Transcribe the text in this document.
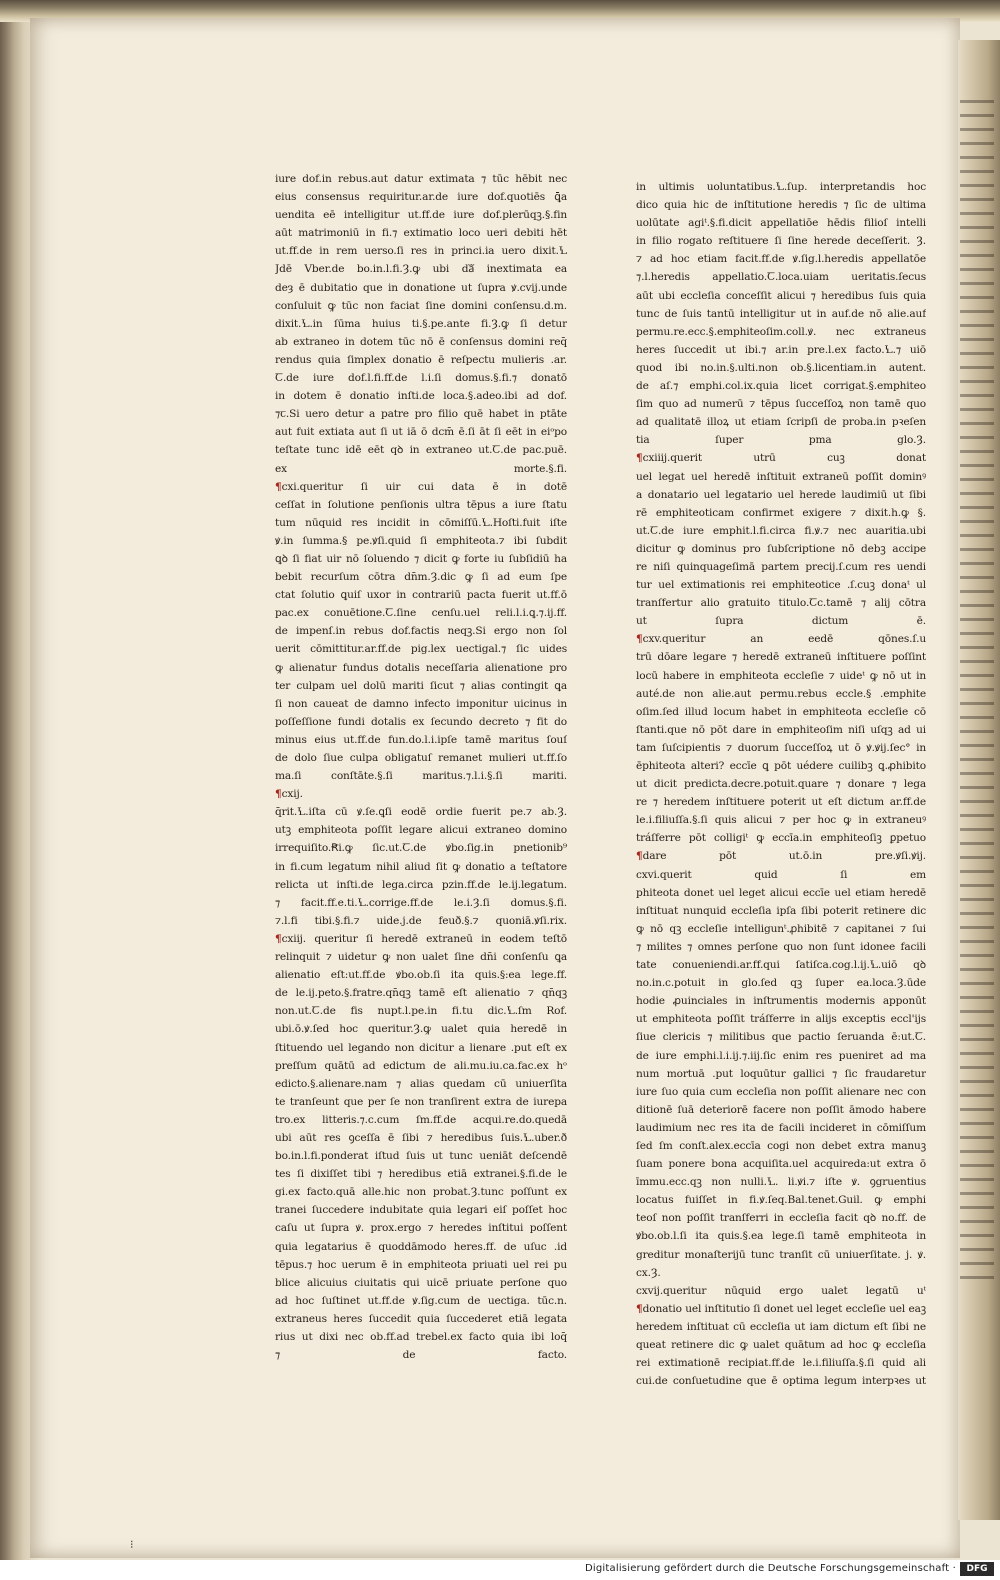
iure dof.in rebus.aut datur extimata ⁊ tūc hēbit nec
eius consensus requiritur.ar.de iure dof.quotiēs ꝗ̄a
uendita eē intelligitur ut.ff.de iure dof.plerūqꝫ.§.fin
aūt matrimoniū in fi.⁊ extimatio loco ueri debiti hēt
ut.ff.de in rem uerso.ſi res in princi.ia uero dixit.Ꝇ
Jdē Vber.de bo.in.l.fi.Ȝ.ꝙ ubi daᷓ inextimata ea
deȝ ē dubitatio que in donatione ut ſupra ꝟ.cvij.unde
conſuluit ꝙ tūc non faciat ſine domini conſensu.d.m.
dixit.Ꝇ.in ſūma huius ti.§.pe.ante fi.Ȝ.ꝙ ſi detur
ab extraneo in dotem tūc nō ē conſensus domini req̄
rendus quia ſimplex donatio ē reſpectu mulieris .ar.
Ꞇ.de iure dof.l.fi.ff.de l.i.ſi domus.§.fi.⁊ donatō
in dotem ē donatio inſti.de loca.§.adeo.ibi ad dof.
⁊ꞇ.Si uero detur a patre pro filio quē habet in ptāte
aut fuit extiata aut ſi ut iā ō dcm̄ ē.ſi āt ſi eēt in eiᵒpo
teſtate tunc idē eēt qꝺ in extraneo ut.Ꞇ.de pac.puē.
ex morte.§.fi.
¶cxi.queritur ſi uir cui data ē in dotē
ceſſat in ſolutione penſionis ultra tēpus a iure ſtatu
tum nūquid res incidit in cōmiſſū.Ꝇ.Hoſti.fuit iſte
ꝟ.in ſumma.§ pe.ꝟſi.quid ſi emphiteota.⁊ ibi ſubdit
ꝗꝺ ſi fiat uir nō ſoluendo ⁊ dicit ꝙ forte iu ſubſidiū ha
bebit recurſum cōtra dn̄m.Ȝ.dic ꝙ ſi ad eum ſpe
ctat ſolutio ꝗuiſ uxor in contrariū pacta fuerit ut.ff.ō
pac.ex conuētione.Ꞇ.ſine cenſu.uel reli.l.i.ꝗ.⁊.ij.ff.
de impenſ.in rebus dof.factis neqꝫ.Si ergo non ſol
uerit cōmittitur.ar.ff.de pig.lex uectigal.⁊ ſic uides
ꝙ alienatur fundus dotalis neceſſaria alienatione pro
ter culpam uel dolū mariti ſicut ⁊ alias contingit ꝗa
ſi non caueat de damno infecto imponitur uicinus in
poſſeſſione fundi dotalis ex ſecundo decreto ⁊ fit do
minus eius ut.ff.de fun.do.l.i.ipſe tamē maritus ſouſ
de dolo ſiue culpa obligatuſ remanet mulieri ut.ff.ſo
ma.ſi conſtāte.§.ſi maritus.⁊.l.i.§.ſi mariti.
¶cxij.
q̄rit.Ꝇ.iſta cū ꝟ.ſe.ꝗſi eodē ordie fuerit pe.⁊ ab.Ȝ.
utꝫ emphiteota poſſit legare alicui extraneo domino
irrequiſito.Ꞧi.ꝙ ſic.ut.Ꞇ.de ꝟbo.ſig.in pnetionib⁹
in fi.cum legatum nihil aliud ſit ꝙ donatio a teſtatore
relicta ut inſti.de lega.circa pzin.ff.de le.ij.legatum.
⁊ facit.ff.e.ti.Ꝇ.corrige.ff.de le.i.Ȝ.ſi domus.§.fi.
⁊.l.fi tibi.§.fi.⁊ uide.j.de feuð.§.⁊ quoniā.ꝟſi.rix.
¶cxiij. queritur ſi heredē extraneū in eodem teſtō
relinquit ⁊ uidetur ꝙ non ualet ſine dn̄i conſenſu ꝗa
alienatio eſt:ut.ff.de ꝟbo.ob.ſi ita quis.§:ea lege.ff.
de le.ij.peto.§.fratre.qn̄qꝫ tamē eſt alienatio ⁊ qn̄qꝫ
non.ut.Ꞇ.de fis nupt.l.pe.in fi.tu dic.Ꝇ.ſm Rof.
ubi.ō.ꝟ.ſed hoc queritur.Ȝ.ꝙ ualet quia heredē in
ſtituendo uel legando non dicitur a lienare .put eſt ex
preſſum quātū ad edictum de ali.mu.iu.ca.fac.ex hᵒ
edicto.§.alienare.nam ⁊ alias quedam cū uniuerſita
te tranſeunt que per ſe non tranſirent extra de iurepa
tro.ex litteris.⁊.c.cum ſm.ff.de acqui.re.do.quedā
ubi aūt res ꝯceſſa ē ſibi ⁊ heredibus ſuis.Ꝇ.uber.ð
bo.in.l.fi.ponderat iſtud ſuis ut tunc ueniāt deſcendē
tes ſi dixiſſet tibi ⁊ heredibus etiā extranei.§.fi.de le
gi.ex facto.quā alle.hic non probat.Ȝ.tunc poſſunt ex
tranei ſuccedere indubitate quia legari eiſ poſſet hoc
caſu ut ſupra ꝟ. prox.ergo ⁊ heredes inſtitui poſſent
quia legatarius ē quoddāmodo heres.ff. de uſuc .id
tēpus.⁊ hoc uerum ē in emphiteota priuati uel rei pu
blice alicuius ciuitatis qui uicē priuate perſone quo
ad hoc ſuſtinet ut.ff.de ꝟ.ſig.cum de uectiga. tūc.n.
extraneus heres ſuccedit quia ſuccederet etiā legata
rius ut dixi nec ob.ff.ad trebel.ex facto quia ibi loq̄
⁊ de facto.
in ultimis uoluntatibus.Ꝇ.ſup. interpretandis hoc
dico quia hic de inſtitutione heredis ⁊ ſic de ultima
uolūtate agiᵗ.§.fi.dicit appellatiōe hēdis filioſ intelli
in filio rogato reſtituere ſi ſine herede deceſſerit. Ȝ.
⁊ ad hoc etiam facit.ff.de ꝟ.ſig.l.heredis appellatōe
⁊.l.heredis appellatio.Ꞇ.loca.uiam ueritatis.ſecus
aūt ubi eccleſia conceſſit alicui ⁊ heredibus ſuis quia
tunc de ſuis tantū intelligitur ut in auf.de nō alie.auf
permu.re.ecc.§.emphiteoſim.coll.ꝟ. nec extraneus
heres ſuccedit ut ibi.⁊ ar.in pre.l.ex facto.Ꝇ.⁊ uiō
quod ibi no.in.§.ulti.non ob.§.licentiam.in autent.
de aſ.⁊ emphi.col.ix.quia licet corrigat.§.emphiteo
ſim quo ad numerū ⁊ tēpus ſucceſſoꝝ non tamē quo
ad qualitatē illoꝝ ut etiam ſcripſi de proba.in pꝛeſen
tia ſuper pma glo.Ȝ.
¶cxiiij.querit utrū cuꝫ donat
uel legat uel heredē inſtituit extraneū poſſit dominꝰ
a donatario uel legatario uel herede laudimiū ut ſibi
rē emphiteoticam confirmet exigere ⁊ dixit.h.ꝙ §.
ut.Ꞇ.de iure emphit.l.fi.circa fi.ꝟ.⁊ nec auaritia.ubi
dicitur ꝙ dominus pro ſubſcriptione nō debꝫ accipe
re niſi quinquageſimā partem precij.ſ.cum res uendi
tur uel extimationis rei emphiteotice .ſ.cuꝫ donaᵗ ul
tranſfertur alio gratuito titulo.Ꞇc.tamē ⁊ alij cōtra
ut ſupra dictum ē.
¶cxv.queritur an eedē qōnes.ſ.u
trū dōare legare ⁊ heredē extraneū inſtituere poſſint
locū habere in emphiteota eccleſie ⁊ uideᵗ ꝙ nō ut in
auté.de non alie.aut permu.rebus eccle.§ .emphite
oſim.ſed illud locum habet in emphiteota eccleſie cō
ſtanti.que nō pōt dare in emphiteoſim niſi uſqꝫ ad ui
tam ſuſcipientis ⁊ duorum ſucceſſoꝝ ut ō ꝟ.ꝟij.ſec° in
ēphiteota alteri? eccīe ꝗ pōt uédere cuilibꝫ ꝗ.ꝓhibito
ut dicit predicta.decre.potuit.quare ⁊ donare ⁊ lega
re ⁊ heredem inſtituere poterit ut eſt dictum ar.ff.de
le.i.filiuſſa.§.ſi quis alicui ⁊ per hoc ꝙ in extraneuꝰ
tráſferre pōt colligiᵗ ꝙ eccīa.in emphiteoſiꝫ ꝑpetuo
¶dare pōt ut.ō.in pre.ꝟſi.ꝟij.
cxvi.querit quid ſi em
phiteota donet uel leget alicui eccīe uel etiam heredē
inſtituat nunquid eccleſia ipſa ſibi poterit retinere dic
ꝙ nō qꝫ eccleſie intelligunᵗ.ꝓhibitē ⁊ capitanei ⁊ ſui
⁊ milites ⁊ omnes perſone quo non ſunt idonee facili
tate conueniendi.ar.ff.qui ſatiſca.cog.l.ij.Ꝇ.uiō qꝺ
no.in.c.potuit in glo.ſed qꝫ ſuper ea.loca.Ȝ.ūde
hodie ꝓuinciales in inſtrumentis modernis apponūt
ut emphiteota poſſit tráſferre in alijs exceptis eccl'ijs
ſiue clericis ⁊ militibus que pactio ſeruanda ē:ut.Ꞇ.
de iure emphi.l.i.ij.⁊.iij.ſic enim res pueniret ad ma
num mortuā .put loquūtur gallici ⁊ ſic fraudaretur
iure ſuo quia cum eccleſia non poſſit alienare nec con
ditionē ſuā deteriorē facere non poſſit āmodo habere
laudimium nec res ita de facili incideret in cōmiſſum
ſed ſm conſt.alex.eccīa cogi non debet extra manuꝫ
ſuam ponere bona acquiſita.uel acquireda:ut extra ō
īmmu.ecc.qꝫ non nulli.Ꝇ. li.ꝟi.⁊ iſte ꝟ. ꝯgruentius
locatus fuiſſet in fi.ꝟ.ſeq.Bal.tenet.Guil. ꝙ emphi
teoſ non poſſit tranſferri in eccleſia facit qꝺ no.ff. de
ꝟbo.ob.l.ſi ita quis.§.ea lege.ſi tamē emphiteota in
greditur monaſterijū tunc tranſit cū uniuerſitate. j. ꝟ.
cx.Ȝ.
cxvij.queritur nūquid ergo ualet legatū uᵗ
¶donatio uel inſtitutio ſi donet uel leget eccleſie uel eaꝫ
heredem inſtituat cū eccleſia ut iam dictum eſt ſibi ne
queat retinere dic ꝙ ualet quātum ad hoc ꝙ eccleſia
rei extimationē recipiat.ff.de le.i.filiuſſa.§.ſi quid ali
cui.de conſuetudine que ē optima legum interpꝛes ut
⁝
Digitalisierung gefördert durch die Deutsche Forschungsgemeinschaft ·	DFG
